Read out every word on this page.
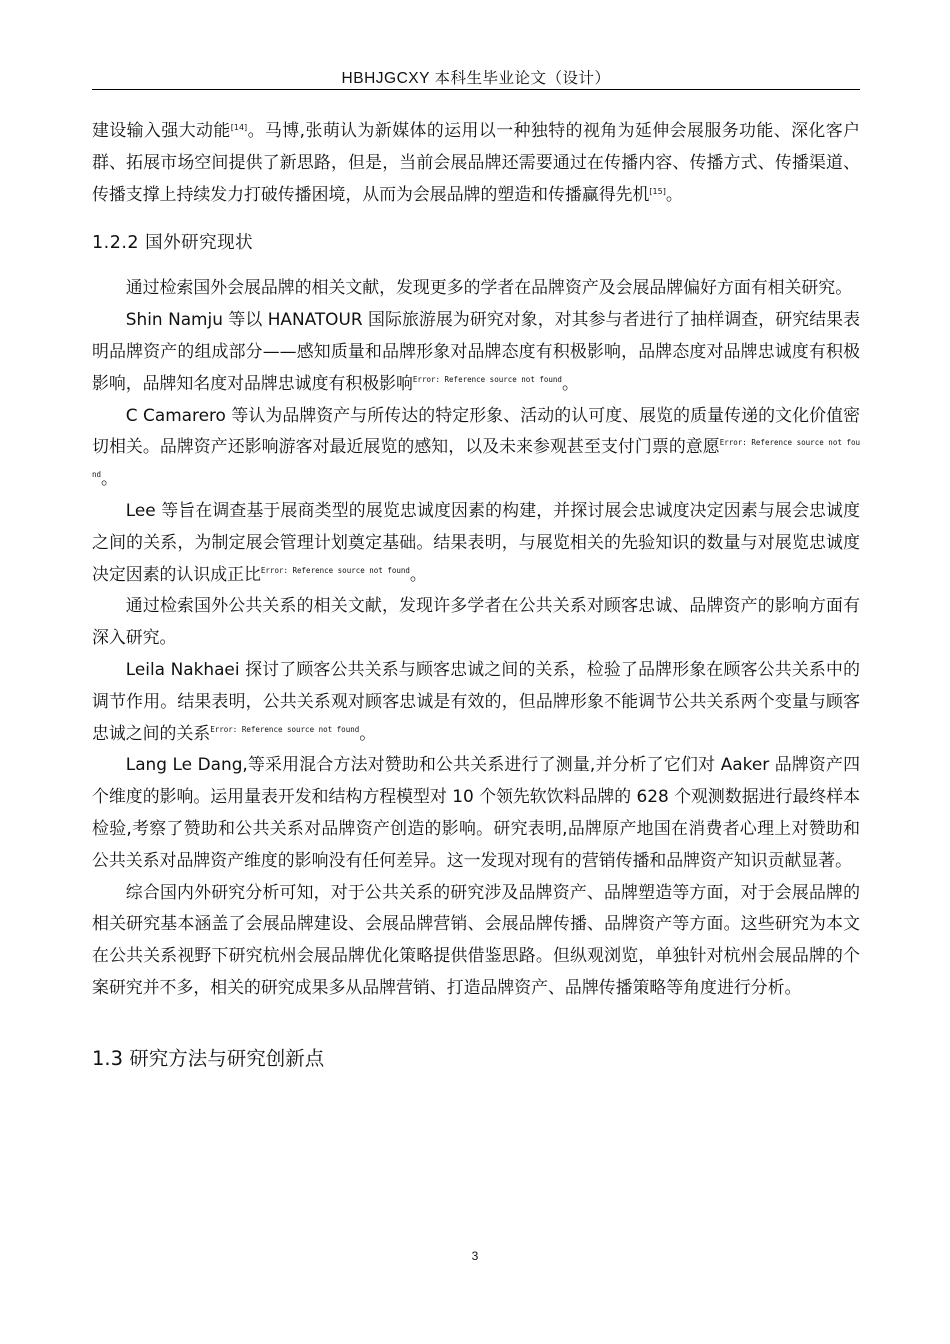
HBHJGCXY 本科生毕业论文（设计）

建设输入强大动能[14]。马博,张萌认为新媒体的运用以一种独特的视角为延伸会展服务功能、深化客户群、拓展市场空间提供了新思路，但是，当前会展品牌还需要通过在传播内容、传播方式、传播渠道、传播支撑上持续发力打破传播困境，从而为会展品牌的塑造和传播赢得先机[15]。

1.2.2 国外研究现状

通过检索国外会展品牌的相关文献，发现更多的学者在品牌资产及会展品牌偏好方面有相关研究。

Shin Namju 等以 HANATOUR 国际旅游展为研究对象，对其参与者进行了抽样调查，研究结果表明品牌资产的组成部分——感知质量和品牌形象对品牌态度有积极影响，品牌态度对品牌忠诚度有积极影响，品牌知名度对品牌忠诚度有积极影响$^{Error: Reference source not found}$。

C Camarero 等认为品牌资产与所传达的特定形象、活动的认可度、展览的质量传递的文化价值密切相关。品牌资产还影响游客对最近展览的感知，以及未来参观甚至支付门票的意愿$^{Error: Reference source not found}$。

Lee 等旨在调查基于展商类型的展览忠诚度因素的构建，并探讨展会忠诚度决定因素与展会忠诚度之间的关系，为制定展会管理计划奠定基础。结果表明，与展览相关的先验知识的数量与对展览忠诚度决定因素的认识成正比$^{Error: Reference source not found}$。

通过检索国外公共关系的相关文献，发现许多学者在公共关系对顾客忠诚、品牌资产的影响方面有深入研究。

Leila Nakhaei 探讨了顾客公共关系与顾客忠诚之间的关系，检验了品牌形象在顾客公共关系中的调节作用。结果表明，公共关系观对顾客忠诚是有效的，但品牌形象不能调节公共关系两个变量与顾客忠诚之间的关系$^{Error: Reference source not found}$。

Lang Le Dang,等采用混合方法对赞助和公共关系进行了测量,并分析了它们对 Aaker 品牌资产四个维度的影响。运用量表开发和结构方程模型对 10 个领先软饮料品牌的 628 个观测数据进行最终样本检验,考察了赞助和公共关系对品牌资产创造的影响。研究表明,品牌原产地国在消费者心理上对赞助和公共关系对品牌资产维度的影响没有任何差异。这一发现对现有的营销传播和品牌资产知识贡献显著。

综合国内外研究分析可知，对于公共关系的研究涉及品牌资产、品牌塑造等方面，对于会展品牌的相关研究基本涵盖了会展品牌建设、会展品牌营销、会展品牌传播、品牌资产等方面。这些研究为本文在公共关系视野下研究杭州会展品牌优化策略提供借鉴思路。但纵观浏览，单独针对杭州会展品牌的个案研究并不多，相关的研究成果多从品牌营销、打造品牌资产、品牌传播策略等角度进行分析。

1.3 研究方法与研究创新点
3
